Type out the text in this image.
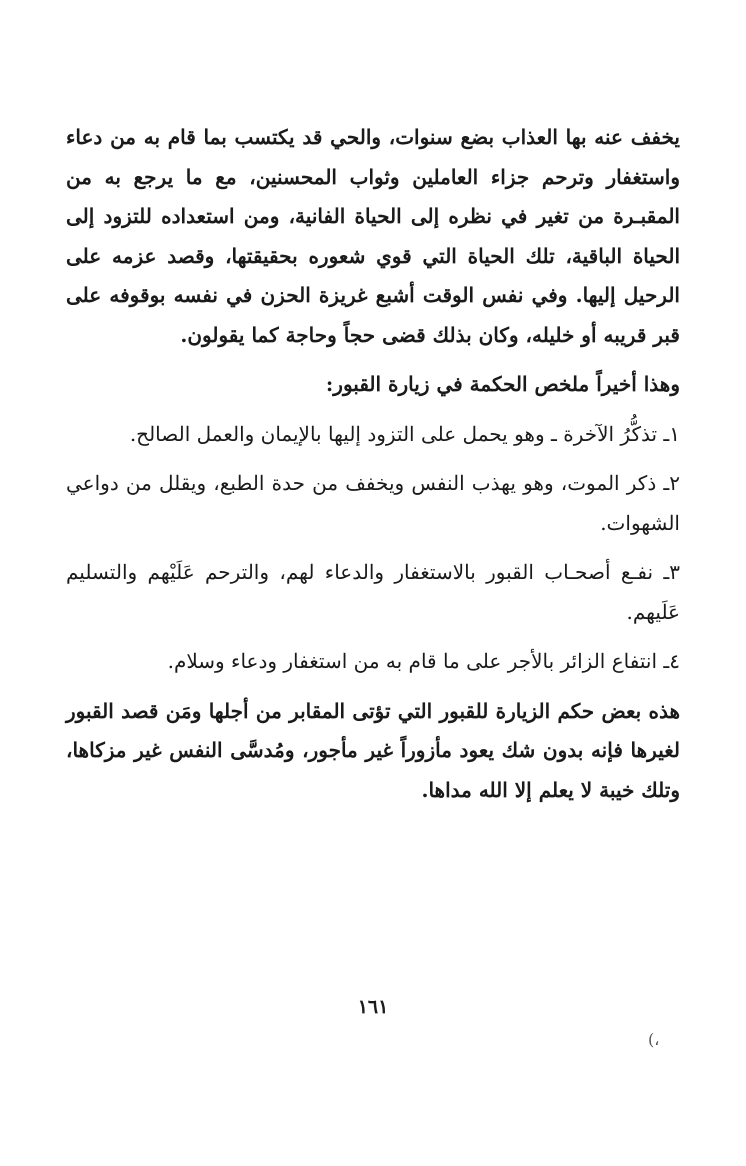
يخفف عنه بها العذاب بضع سنوات، والحي قد يكتسب بما قام به من دعاء واستغفار وترحم جزاء العاملين وثواب المحسنين، مع ما يرجع به من المقبـرة من تغير في نظره إلى الحياة الفانية، ومن استعداده للتزود إلى الحياة الباقية، تلك الحياة التي قوي شعوره بحقيقتها، وقصد عزمه على الرحيل إليها. وفي نفس الوقت أشبع غريزة الحزن في نفسه بوقوفه على قبر قريبه أو خليله، وكان بذلك قضى حجاً وحاجة كما يقولون.

وهذا أخيراً ملخص الحكمة في زيارة القبور:

١ـ تذكُّرُ الآخرة ـ وهو يحمل على التزود إليها بالإيمان والعمل الصالح.

٢ـ ذكر الموت، وهو يهذب النفس ويخفف من حدة الطبع، ويقلل من دواعي الشهوات.

٣ـ نفـع أصحـاب القبور بالاستغفار والدعاء لهم، والترحم عَلَيْهم والتسليم عَلَيهم.

٤ـ انتفاع الزائر بالأجر على ما قام به من استغفار ودعاء وسلام.

هذه بعض حكم الزيارة للقبور التي تؤتى المقابر من أجلها ومَن قصد القبور لغيرها فإنه بدون شك يعود مأزوراً غير مأجور، ومُدسَّى النفس غير مزكاها، وتلك خيبة لا يعلم إلا الله مداها.

١٦١
(،
